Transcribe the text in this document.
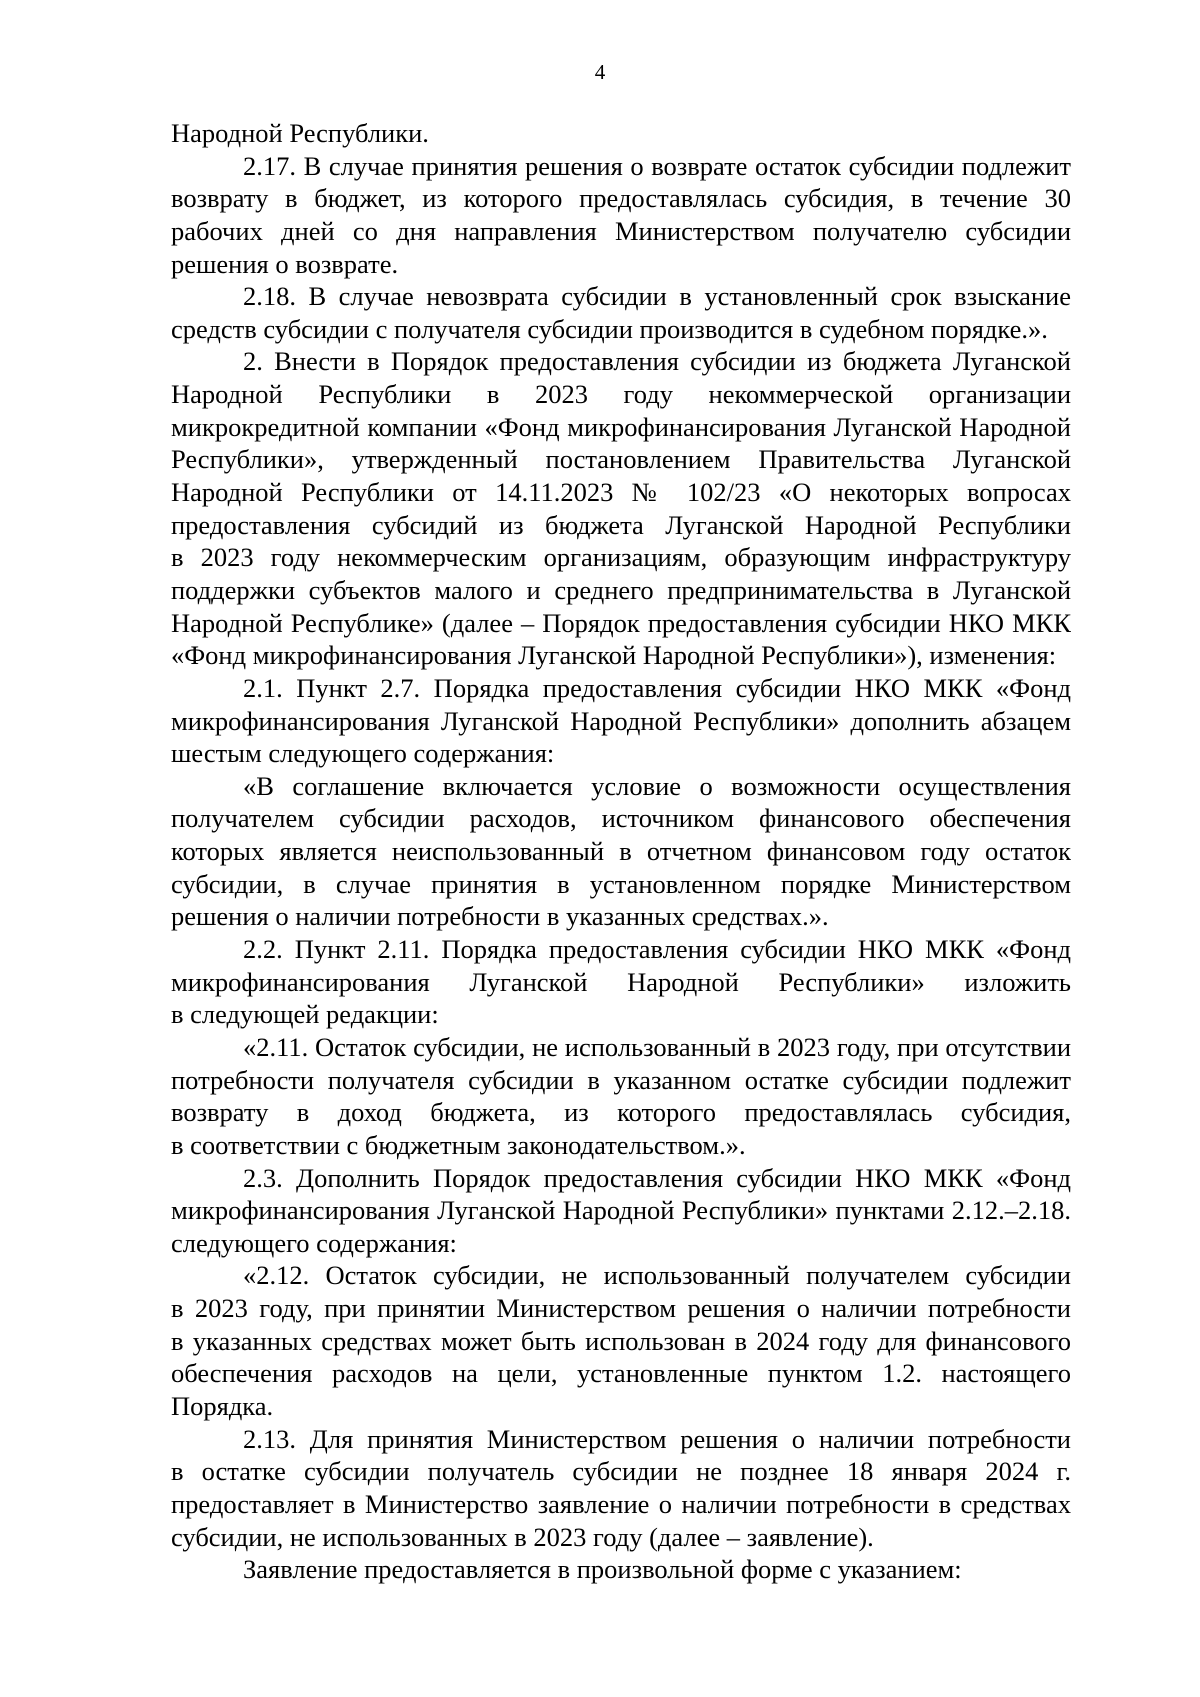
4
Народной Республики.
2.17. В случае принятия решения о возврате остаток субсидии подлежит
возврату в бюджет, из которого предоставлялась субсидия, в течение 30
рабочих дней со дня направления Министерством получателю субсидии
решения о возврате.
2.18. В случае невозврата субсидии в установленный срок взыскание
средств субсидии с получателя субсидии производится в судебном порядке.».
2. Внести в Порядок предоставления субсидии из бюджета Луганской
Народной Республики в 2023 году некоммерческой организации
микрокредитной компании «Фонд микрофинансирования Луганской Народной
Республики», утвержденный постановлением Правительства Луганской
Народной Республики от 14.11.2023 № 102/23 «О некоторых вопросах
предоставления субсидий из бюджета Луганской Народной Республики
в 2023 году некоммерческим организациям, образующим инфраструктуру
поддержки субъектов малого и среднего предпринимательства в Луганской
Народной Республике» (далее – Порядок предоставления субсидии НКО МКК
«Фонд микрофинансирования Луганской Народной Республики»), изменения:
2.1. Пункт 2.7. Порядка предоставления субсидии НКО МКК «Фонд
микрофинансирования Луганской Народной Республики» дополнить абзацем
шестым следующего содержания:
«В соглашение включается условие о возможности осуществления
получателем субсидии расходов, источником финансового обеспечения
которых является неиспользованный в отчетном финансовом году остаток
субсидии, в случае принятия в установленном порядке Министерством
решения о наличии потребности в указанных средствах.».
2.2. Пункт 2.11. Порядка предоставления субсидии НКО МКК «Фонд
микрофинансирования Луганской Народной Республики» изложить
в следующей редакции:
«2.11. Остаток субсидии, не использованный в 2023 году, при отсутствии
потребности получателя субсидии в указанном остатке субсидии подлежит
возврату в доход бюджета, из которого предоставлялась субсидия,
в соответствии с бюджетным законодательством.».
2.3. Дополнить Порядок предоставления субсидии НКО МКК «Фонд
микрофинансирования Луганской Народной Республики» пунктами 2.12.–2.18.
следующего содержания:
«2.12. Остаток субсидии, не использованный получателем субсидии
в 2023 году, при принятии Министерством решения о наличии потребности
в указанных средствах может быть использован в 2024 году для финансового
обеспечения расходов на цели, установленные пунктом 1.2. настоящего
Порядка.
2.13. Для принятия Министерством решения о наличии потребности
в остатке субсидии получатель субсидии не позднее 18 января 2024 г.
предоставляет в Министерство заявление о наличии потребности в средствах
субсидии, не использованных в 2023 году (далее – заявление).
Заявление предоставляется в произвольной форме с указанием:
